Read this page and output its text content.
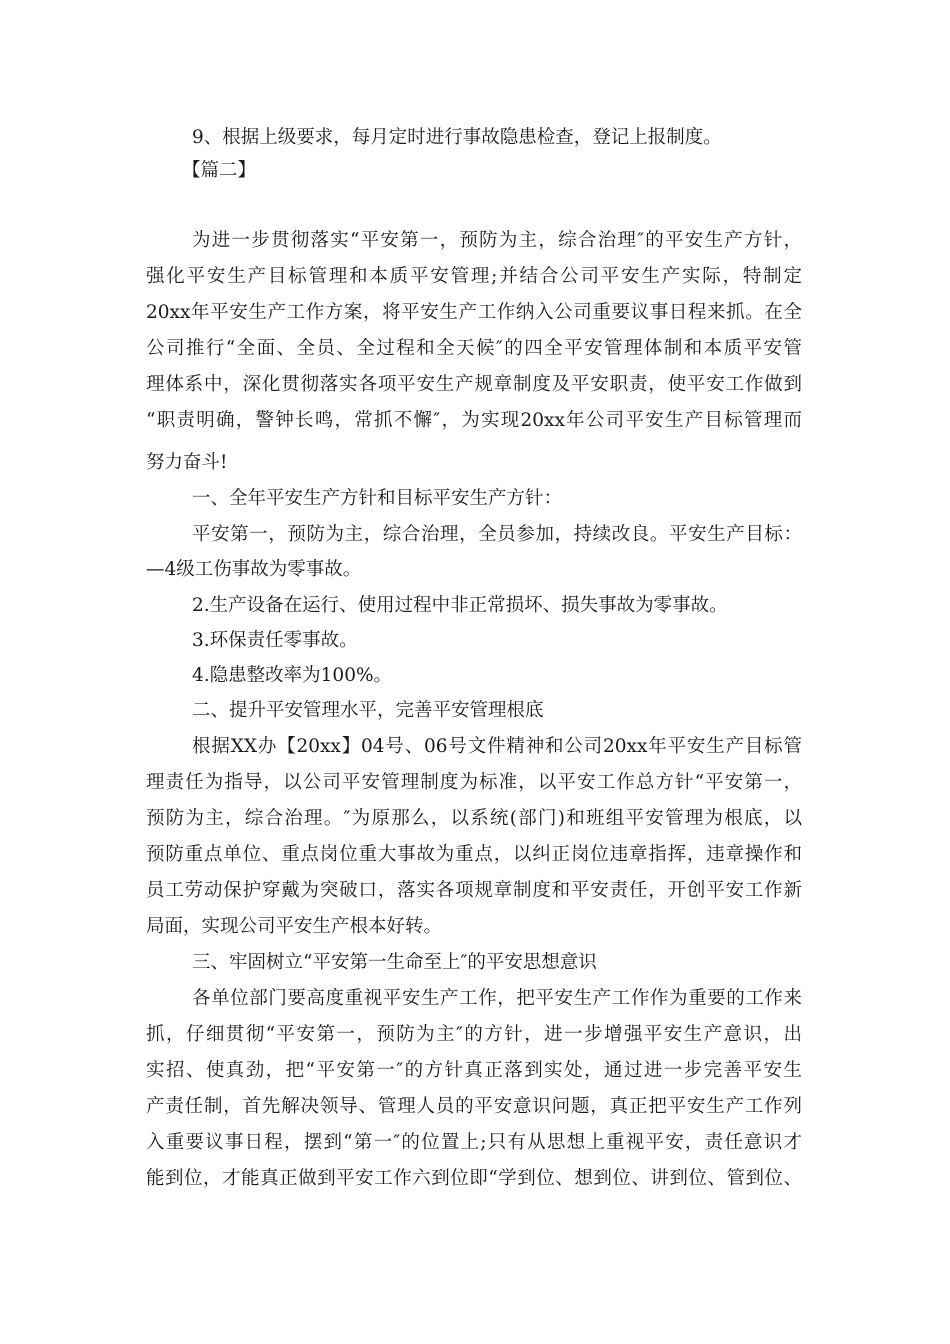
9、根据上级要求，每月定时进行事故隐患检查，登记上报制度。
【篇二】
为进一步贯彻落实“平安第一，预防为主，综合治理″的平安生产方针，
强化平安生产目标管理和本质平安管理;并结合公司平安生产实际，特制定
20xx年平安生产工作方案，将平安生产工作纳入公司重要议事日程来抓。在全
公司推行“全面、全员、全过程和全天候″的四全平安管理体制和本质平安管
理体系中，深化贯彻落实各项平安生产规章制度及平安职责，使平安工作做到
“职责明确，警钟长鸣，常抓不懈″，为实现20xx年公司平安生产目标管理而
努力奋斗!
一、全年平安生产方针和目标平安生产方针：
平安第一，预防为主，综合治理，全员参加，持续改良。平安生产目标：
—4级工伤事故为零事故。
2.生产设备在运行、使用过程中非正常损坏、损失事故为零事故。
3.环保责任零事故。
4.隐患整改率为100%。
二、提升平安管理水平，完善平安管理根底
根据XX办【20xx】04号、06号文件精神和公司20xx年平安生产目标管
理责任为指导，以公司平安管理制度为标准，以平安工作总方针“平安第一，
预防为主，综合治理。″为原那么，以系统(部门)和班组平安管理为根底，以
预防重点单位、重点岗位重大事故为重点，以纠正岗位违章指挥，违章操作和
员工劳动保护穿戴为突破口，落实各项规章制度和平安责任，开创平安工作新
局面，实现公司平安生产根本好转。
三、牢固树立“平安第一生命至上″的平安思想意识
各单位部门要高度重视平安生产工作，把平安生产工作作为重要的工作来
抓，仔细贯彻“平安第一，预防为主″的方针，进一步增强平安生产意识，出
实招、使真劲，把“平安第一″的方针真正落到实处，通过进一步完善平安生
产责任制，首先解决领导、管理人员的平安意识问题，真正把平安生产工作列
入重要议事日程，摆到“第一″的位置上;只有从思想上重视平安，责任意识才
能到位，才能真正做到平安工作六到位即“学到位、想到位、讲到位、管到位、
